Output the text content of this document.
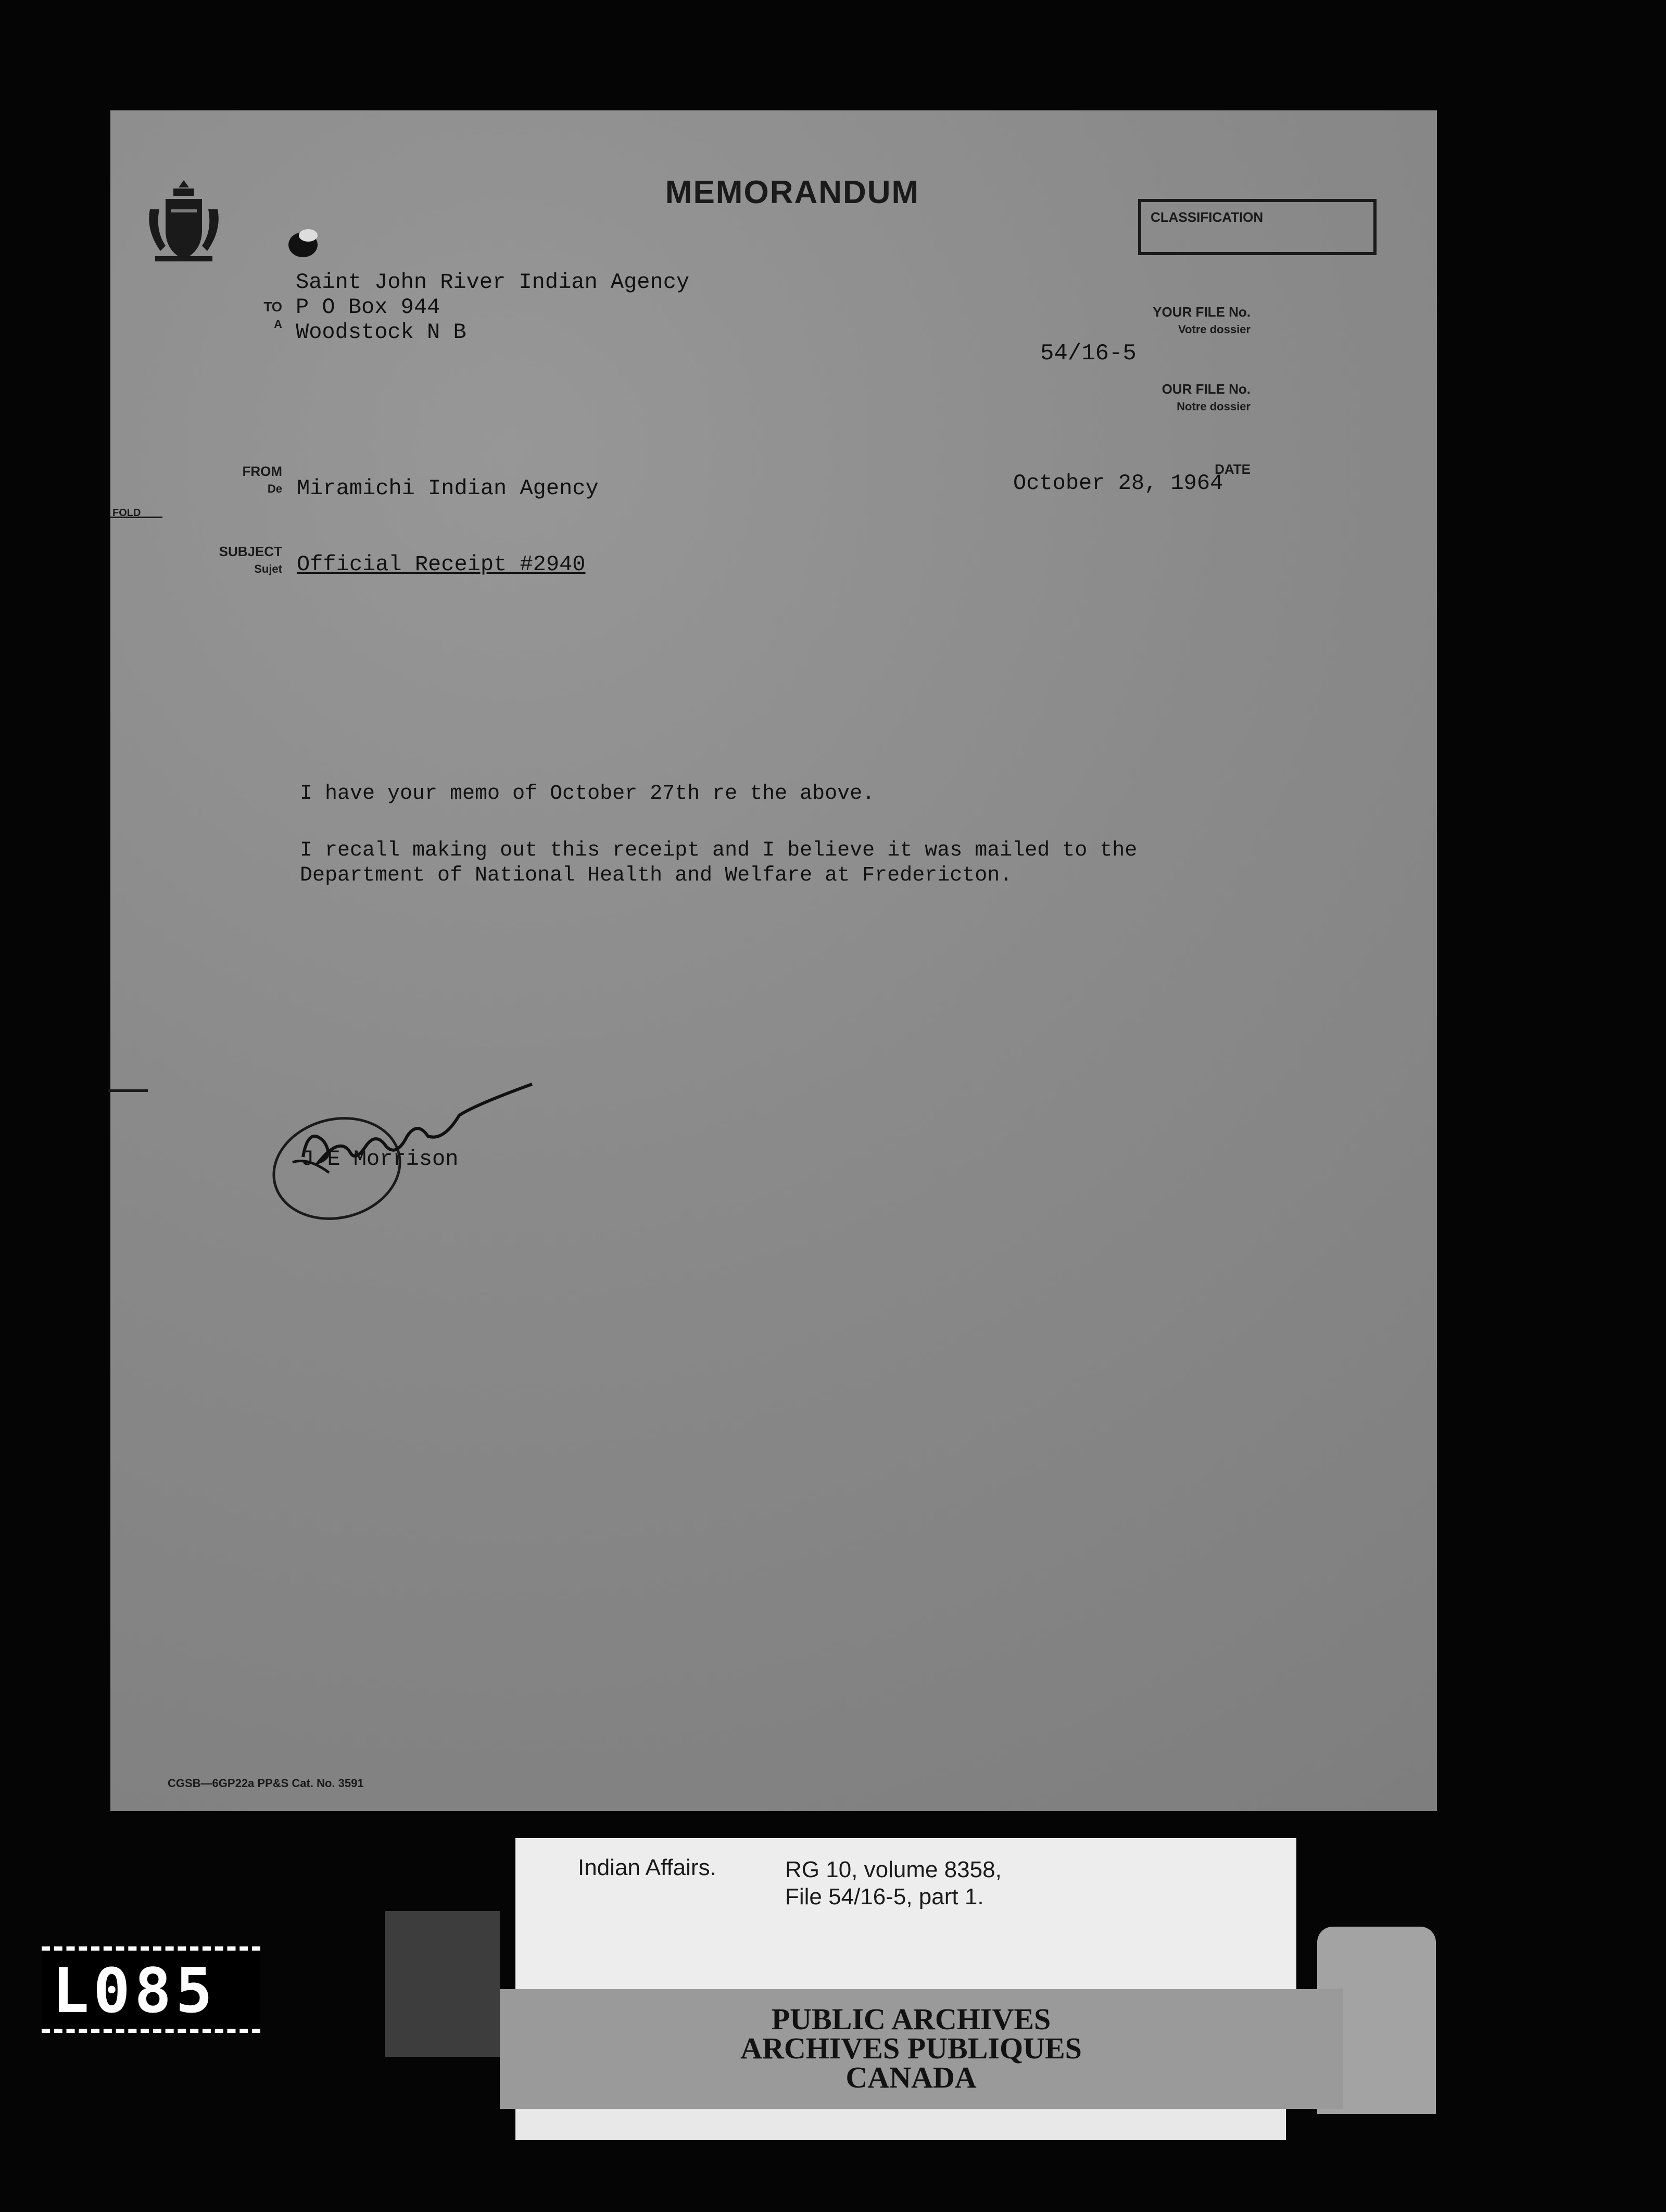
MEMORANDUM
CLASSIFICATION
TO
A
Saint John River Indian Agency
P O Box 944
Woodstock N B
YOUR FILE No.
Votre dossier
54/16-5
OUR FILE No.
Notre dossier
FROM
De Miramichi Indian Agency
DATE
October 28, 1964
FOLD
SUBJECT
Sujet Official Receipt #2940
I have your memo of October 27th re the above.
I recall making out this receipt and I believe it was mailed to the
Department of National Health and Welfare at Fredericton.
J E Morrison
CGSB—6GP22a PP&S Cat. No. 3591
Indian Affairs.	RG 10, volume 8358,
File 54/16-5, part 1.
PUBLIC ARCHIVES
ARCHIVES PUBLIQUES
CANADA
L085
